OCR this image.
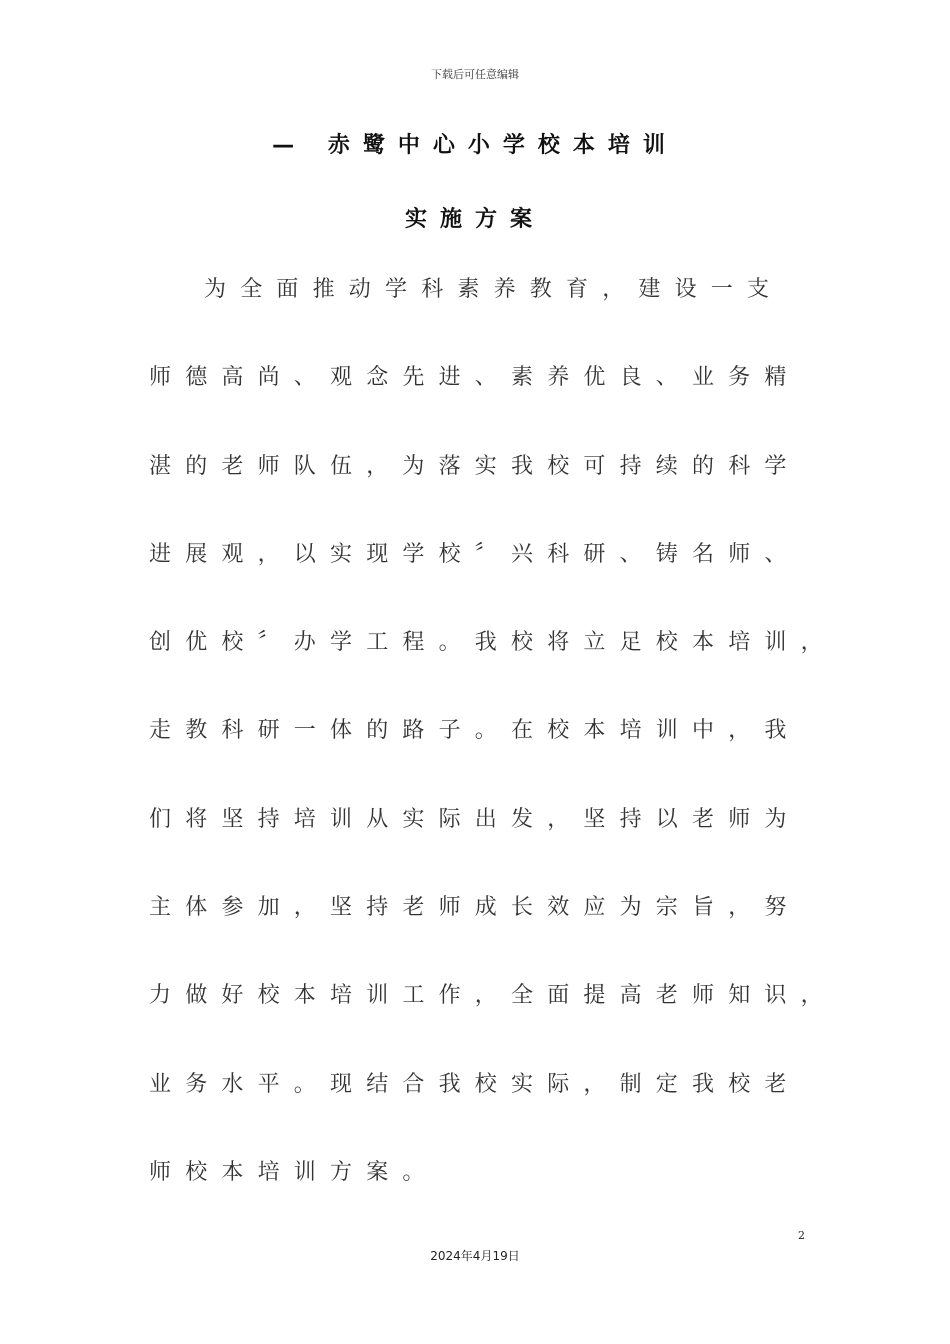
下载后可任意编辑
— 赤鹭中心小学校本培训
实施方案
为全面推动学科素养教育，建设一支
师德高尚、观念先进、素养优良、业务精
湛的老师队伍，为落实我校可持续的科学
进展观，以实现学校〞兴科研、铸名师、
创优校〞办学工程。我校将立足校本培训，
走教科研一体的路子。在校本培训中，我
们将坚持培训从实际出发，坚持以老师为
主体参加，坚持老师成长效应为宗旨，努
力做好校本培训工作，全面提高老师知识，
业务水平。现结合我校实际，制定我校老
师校本培训方案。
2
2024年4月19日
